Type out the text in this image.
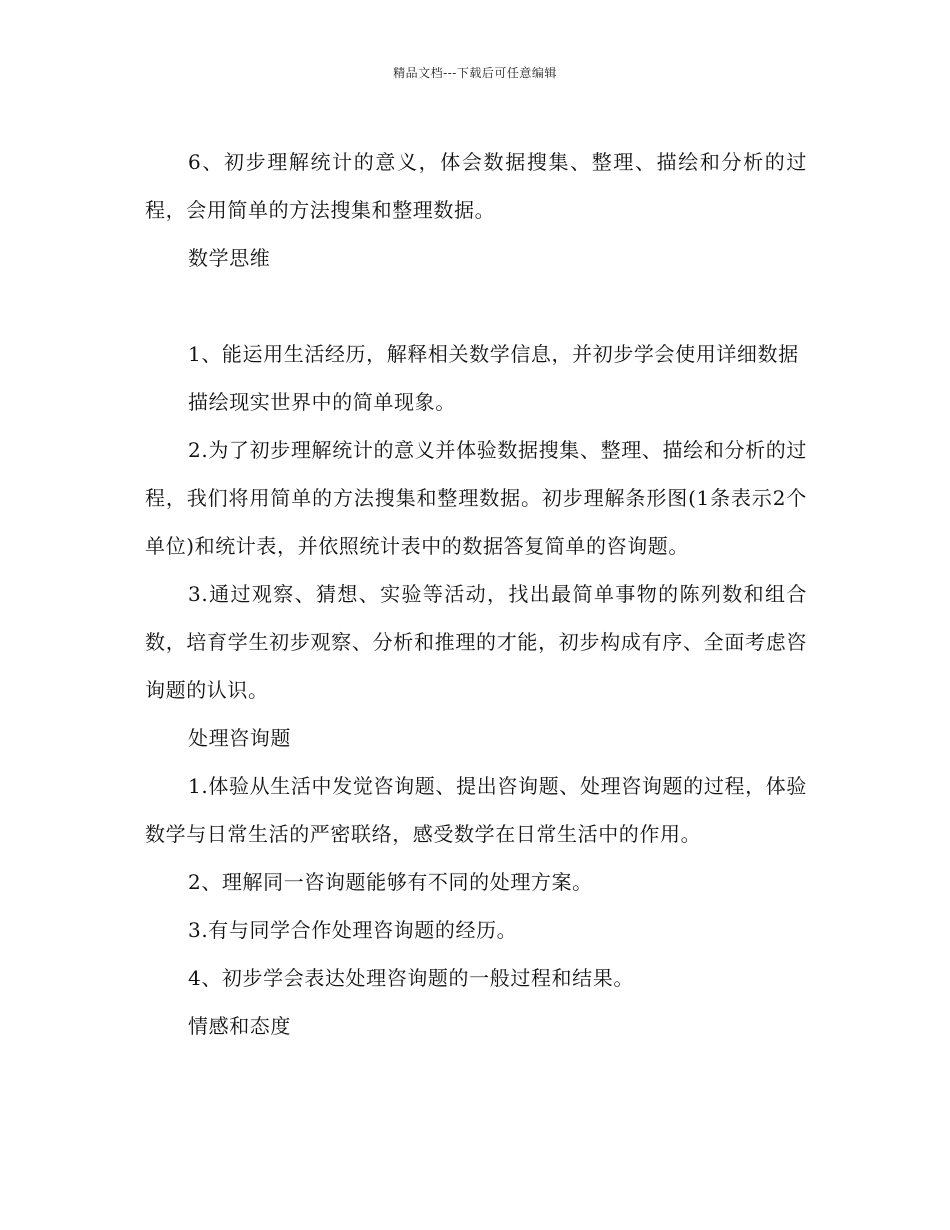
精品文档---下载后可任意编辑

6、初步理解统计的意义，体会数据搜集、整理、描绘和分析的过程，会用简单的方法搜集和整理数据。

数学思维

1、能运用生活经历，解释相关数学信息，并初步学会使用详细数据

描绘现实世界中的简单现象。

2.为了初步理解统计的意义并体验数据搜集、整理、描绘和分析的过程，我们将用简单的方法搜集和整理数据。初步理解条形图(1条表示2个单位)和统计表，并依照统计表中的数据答复简单的咨询题。

3.通过观察、猜想、实验等活动，找出最简单事物的陈列数和组合数，培育学生初步观察、分析和推理的才能，初步构成有序、全面考虑咨询题的认识。

处理咨询题

1.体验从生活中发觉咨询题、提出咨询题、处理咨询题的过程，体验数学与日常生活的严密联络，感受数学在日常生活中的作用。

2、理解同一咨询题能够有不同的处理方案。

3.有与同学合作处理咨询题的经历。

4、初步学会表达处理咨询题的一般过程和结果。

情感和态度
